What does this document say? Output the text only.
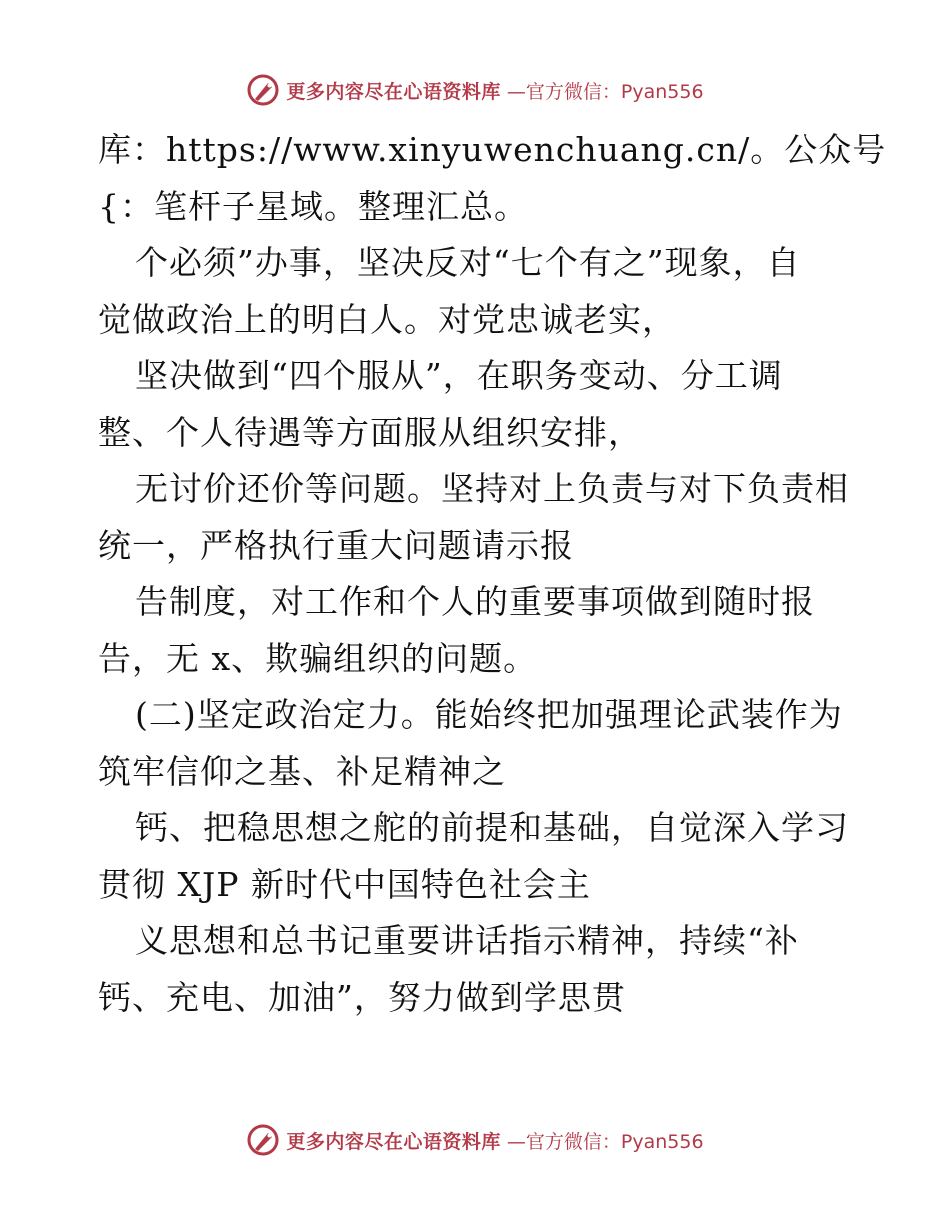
更多内容尽在心语资料库 —官方微信：Pyan556
库：https://www.xinyuwenchuang.cn/。公众号
{：笔杆子星域。整理汇总。
个必须”办事，坚决反对“七个有之”现象，自
觉做政治上的明白人。对党忠诚老实，
坚决做到“四个服从”，在职务变动、分工调
整、个人待遇等方面服从组织安排，
无讨价还价等问题。坚持对上负责与对下负责相
统一，严格执行重大问题请示报
告制度，对工作和个人的重要事项做到随时报
告，无 x、欺骗组织的问题。
(二)坚定政治定力。能始终把加强理论武装作为
筑牢信仰之基、补足精神之
钙、把稳思想之舵的前提和基础，自觉深入学习
贯彻 XJP 新时代中国特色社会主
义思想和总书记重要讲话指示精神，持续“补
钙、充电、加油”，努力做到学思贯
更多内容尽在心语资料库 —官方微信：Pyan556
